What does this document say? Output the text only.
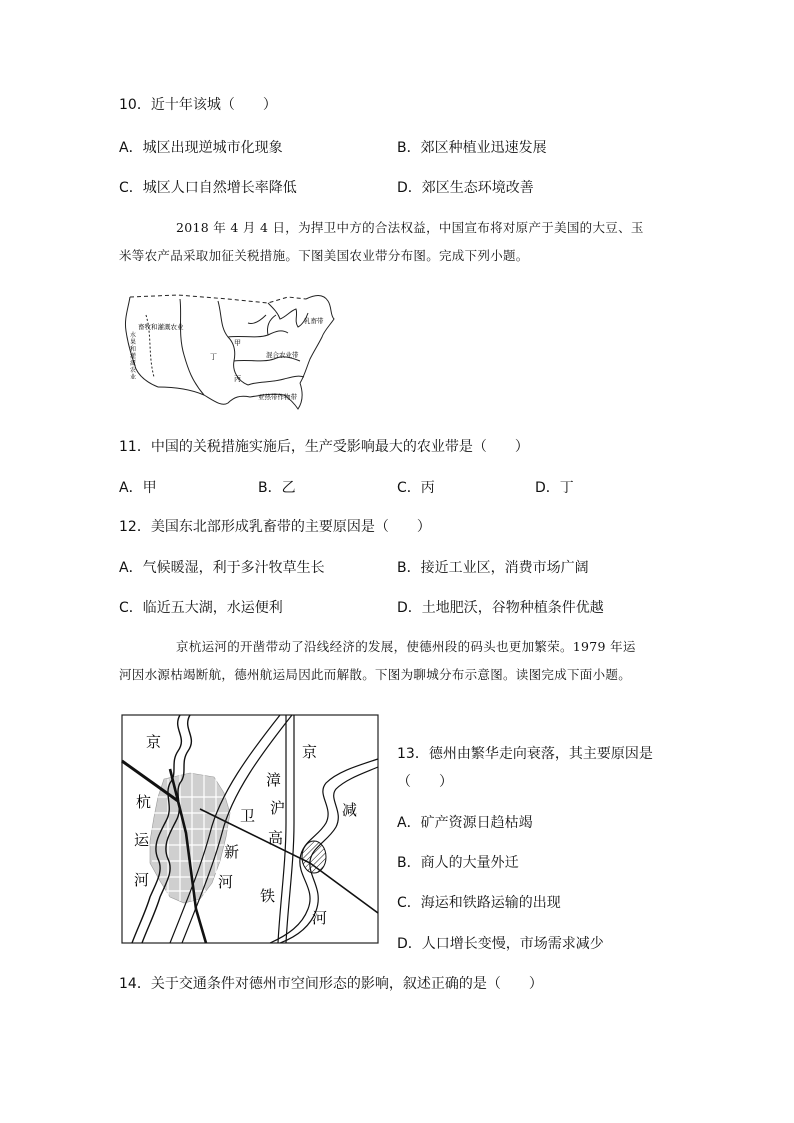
10．近十年该城（　　）
A．城区出现逆城市化现象	B．郊区种植业迅速发展
C．城区人口自然增长率降低	D．郊区生态环境改善
2018 年 4 月 4 日，为捍卫中方的合法权益，中国宣布将对原产于美国的大豆、玉
米等农产品采取加征关税措施。下图美国农业带分布图。完成下列小题。
畜牧和灌溉农业
水
果
和
灌
溉
农
业
乳畜带
甲
混合农业带
丁
丙
亚热带作物带
11．中国的关税措施实施后，生产受影响最大的农业带是（　　）
A．甲	B．乙	C．丙	D．丁
12．美国东北部形成乳畜带的主要原因是（　　）
A．气候暖湿，利于多汁牧草生长	B．接近工业区，消费市场广阔
C．临近五大湖，水运便利	D．土地肥沃，谷物种植条件优越
京杭运河的开凿带动了沿线经济的发展，使德州段的码头也更加繁荣。1979 年运
河因水源枯竭断航，德州航运局因此而解散。下图为聊城分布示意图。读图完成下面小题。
京
杭
运
河
京
漳
沪
高
铁
卫
新
河
减
河
13．德州由繁华走向衰落，其主要原因是
（　　）
A．矿产资源日趋枯竭
B．商人的大量外迁
C．海运和铁路运输的出现
D．人口增长变慢，市场需求减少
14．关于交通条件对德州市空间形态的影响，叙述正确的是（　　）
